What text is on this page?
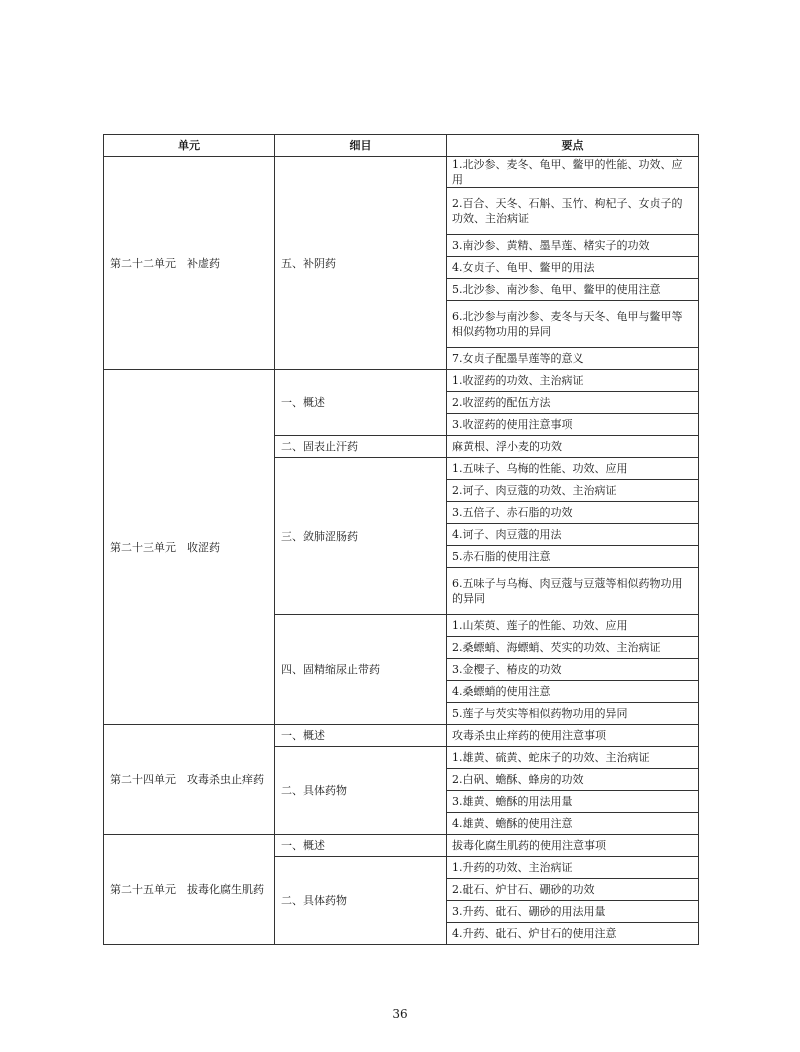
单元	细目	要点
第二十二单元　补虚药	五、补阴药	1.北沙参、麦冬、龟甲、鳖甲的性能、功效、应用
		2.百合、天冬、石斛、玉竹、枸杞子、女贞子的功效、主治病证
		3.南沙参、黄精、墨旱莲、楮实子的功效
		4.女贞子、龟甲、鳖甲的用法
		5.北沙参、南沙参、龟甲、鳖甲的使用注意
		6.北沙参与南沙参、麦冬与天冬、龟甲与鳖甲等相似药物功用的异同
		7.女贞子配墨旱莲等的意义
第二十三单元　收涩药	一、概述	1.收涩药的功效、主治病证
		2.收涩药的配伍方法
		3.收涩药的使用注意事项
	二、固表止汗药	麻黄根、浮小麦的功效
	三、敛肺涩肠药	1.五味子、乌梅的性能、功效、应用
		2.诃子、肉豆蔻的功效、主治病证
		3.五倍子、赤石脂的功效
		4.诃子、肉豆蔻的用法
		5.赤石脂的使用注意
		6.五味子与乌梅、肉豆蔻与豆蔻等相似药物功用的异同
	四、固精缩尿止带药	1.山茱萸、莲子的性能、功效、应用
		2.桑螵蛸、海螵蛸、芡实的功效、主治病证
		3.金樱子、椿皮的功效
		4.桑螵蛸的使用注意
		5.莲子与芡实等相似药物功用的异同
第二十四单元　攻毒杀虫止痒药	一、概述	攻毒杀虫止痒药的使用注意事项
	二、具体药物	1.雄黄、硫黄、蛇床子的功效、主治病证
		2.白矾、蟾酥、蜂房的功效
		3.雄黄、蟾酥的用法用量
		4.雄黄、蟾酥的使用注意
第二十五单元　拔毒化腐生肌药	一、概述	拔毒化腐生肌药的使用注意事项
	二、具体药物	1.升药的功效、主治病证
		2.砒石、炉甘石、硼砂的功效
		3.升药、砒石、硼砂的用法用量
		4.升药、砒石、炉甘石的使用注意
36
